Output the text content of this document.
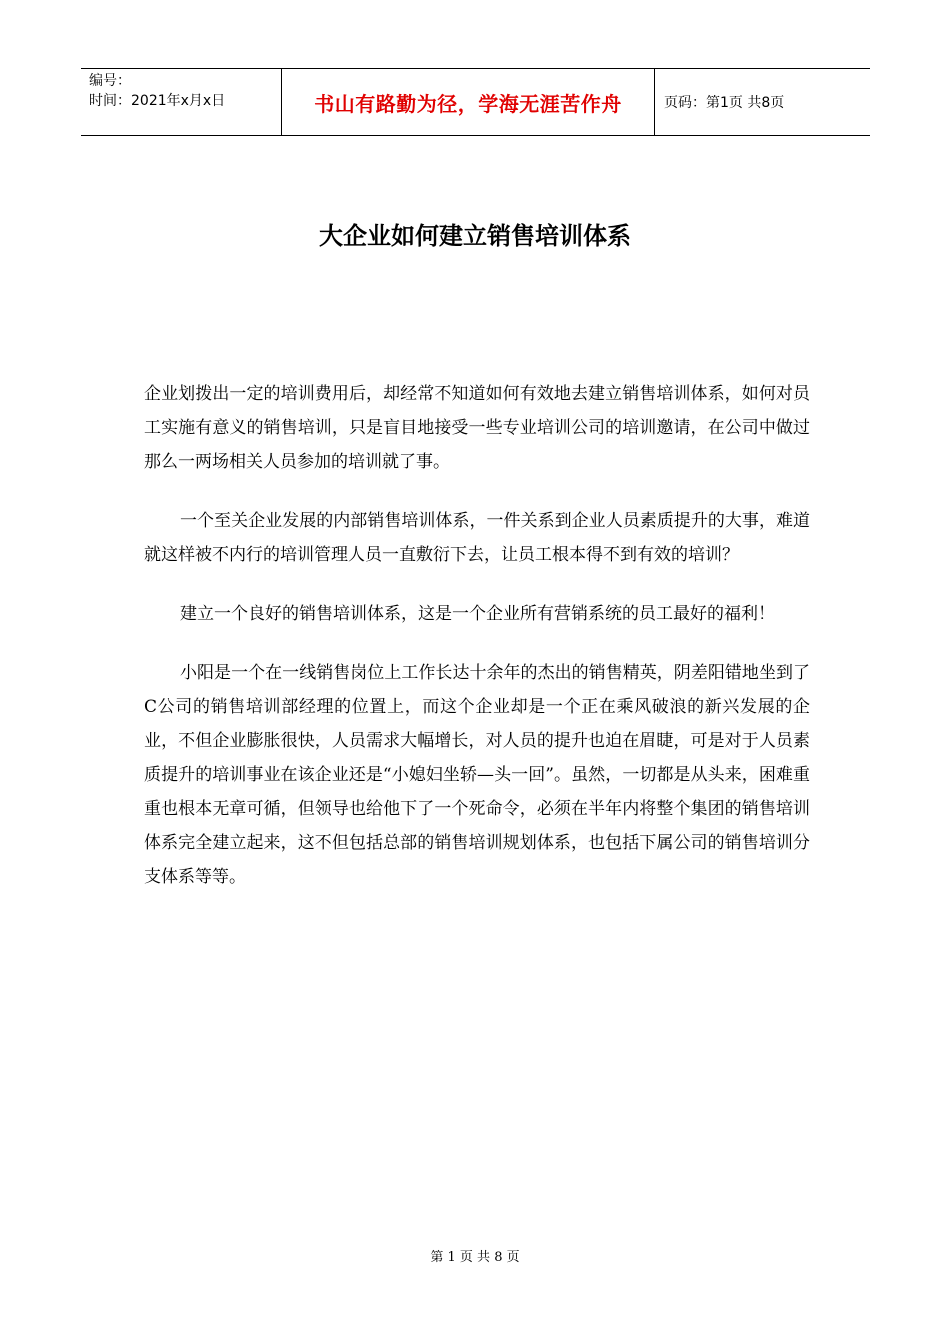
编号：
时间：2021年x月x日	书山有路勤为径，学海无涯苦作舟	页码：第1页 共8页
大企业如何建立销售培训体系

企业划拨出一定的培训费用后，却经常不知道如何有效地去建立销售培训体系，如何对员工实施有意义的销售培训，只是盲目地接受一些专业培训公司的培训邀请，在公司中做过那么一两场相关人员参加的培训就了事。

一个至关企业发展的内部销售培训体系，一件关系到企业人员素质提升的大事，难道就这样被不内行的培训管理人员一直敷衍下去，让员工根本得不到有效的培训？

建立一个良好的销售培训体系，这是一个企业所有营销系统的员工最好的福利！

小阳是一个在一线销售岗位上工作长达十余年的杰出的销售精英，阴差阳错地坐到了C公司的销售培训部经理的位置上，而这个企业却是一个正在乘风破浪的新兴发展的企业，不但企业膨胀很快，人员需求大幅增长，对人员的提升也迫在眉睫，可是对于人员素质提升的培训事业在该企业还是“小媳妇坐轿—头一回”。虽然，一切都是从头来，困难重重也根本无章可循，但领导也给他下了一个死命令，必须在半年内将整个集团的销售培训体系完全建立起来，这不但包括总部的销售培训规划体系，也包括下属公司的销售培训分支体系等等。

第 1 页 共 8 页
